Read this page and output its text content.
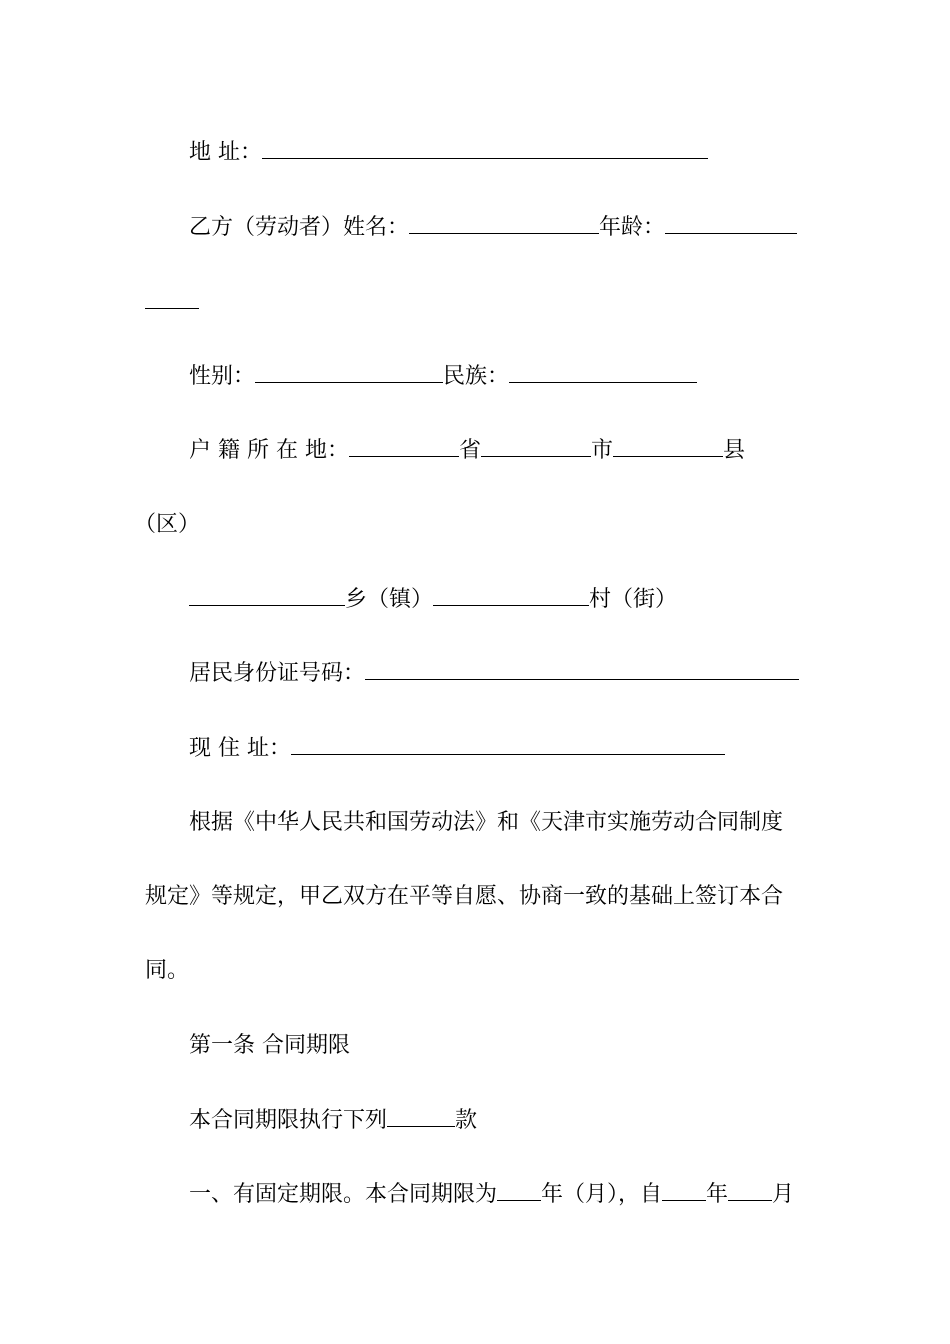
地 址：
乙方（劳动者）姓名：	年龄：
性别：	民族：
户 籍 所 在 地：	省	市	县
（区）
乡（镇）	村（街）
居民身份证号码：
现 住 址：
根据《中华人民共和国劳动法》和《天津市实施劳动合同制度
规定》等规定，甲乙双方在平等自愿、协商一致的基础上签订本合
同。
第一条 合同期限
本合同期限执行下列	款
一、有固定期限。本合同期限为 年（月），自 年 月
